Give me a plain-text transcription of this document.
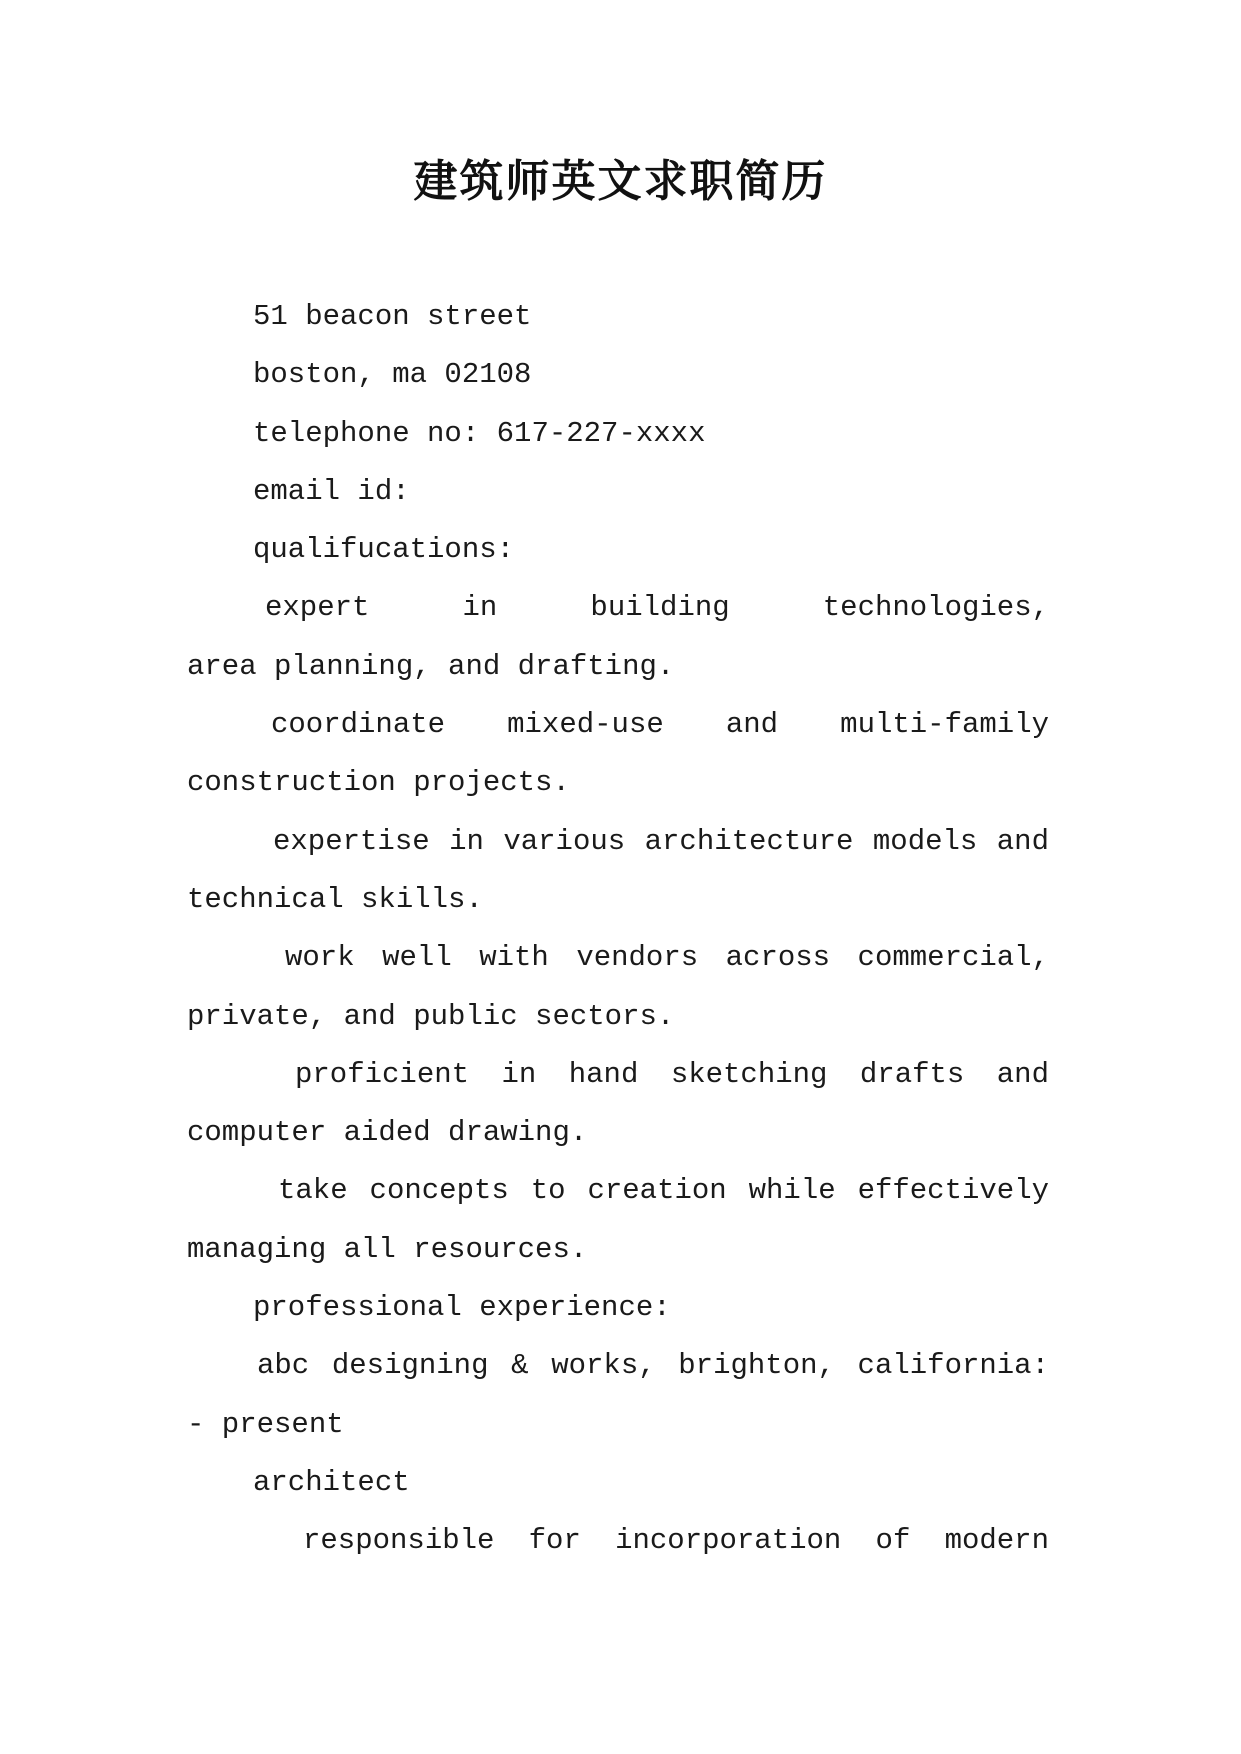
建筑师英文求职简历
51 beacon street
boston, ma 02108
telephone no: 617-227-xxxx
email id:
qualifucations:
expert in building technologies,
area planning, and drafting.
coordinate mixed-use and multi-family
construction projects.
expertise in various architecture models and
technical skills.
work well with vendors across commercial,
private, and public sectors.
proficient in hand sketching drafts and
computer aided drawing.
take concepts to creation while effectively
managing all resources.
professional experience:
abc designing & works, brighton, california:
- present
architect
responsible for incorporation of modern
